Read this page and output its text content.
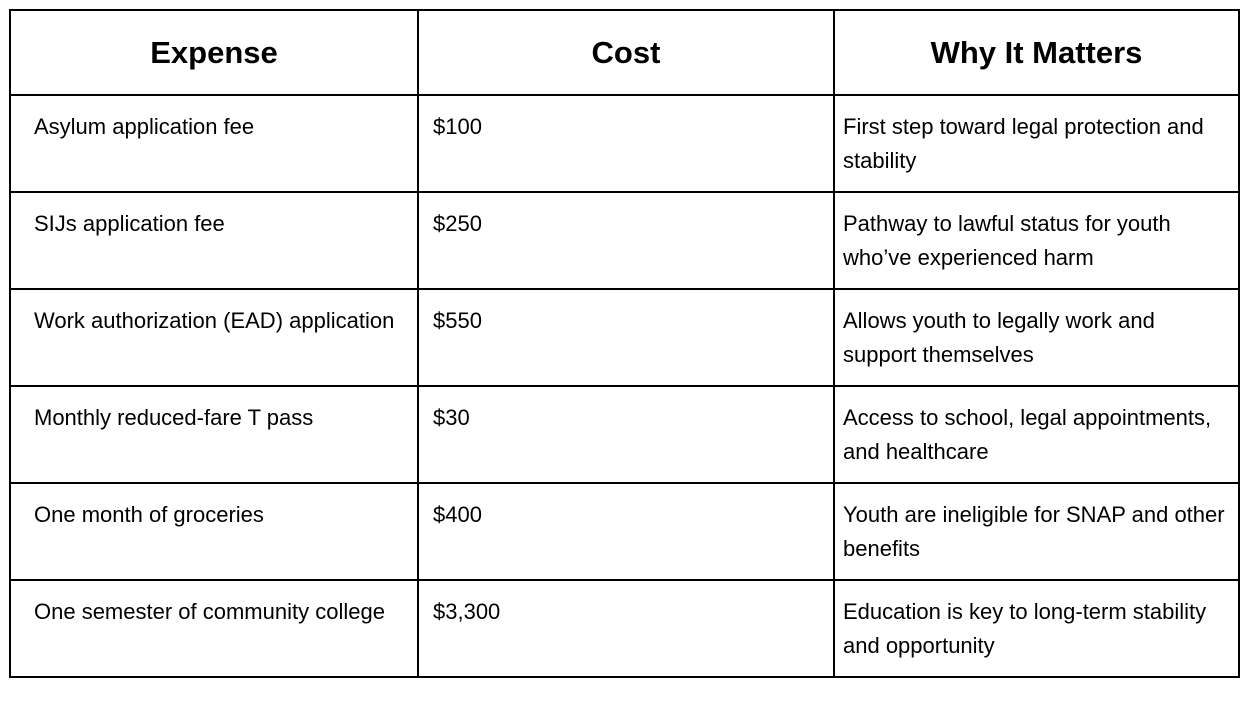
Expense	Cost	Why It Matters
Asylum application fee	$100	First step toward legal protection and stability
SIJs application fee	$250	Pathway to lawful status for youth who’ve experienced harm
Work authorization (EAD) application	$550	Allows youth to legally work and support themselves
Monthly reduced-fare T pass	$30	Access to school, legal appointments, and healthcare
One month of groceries	$400	Youth are ineligible for SNAP and other benefits
One semester of community college	$3,300	Education is key to long-term stability and opportunity
